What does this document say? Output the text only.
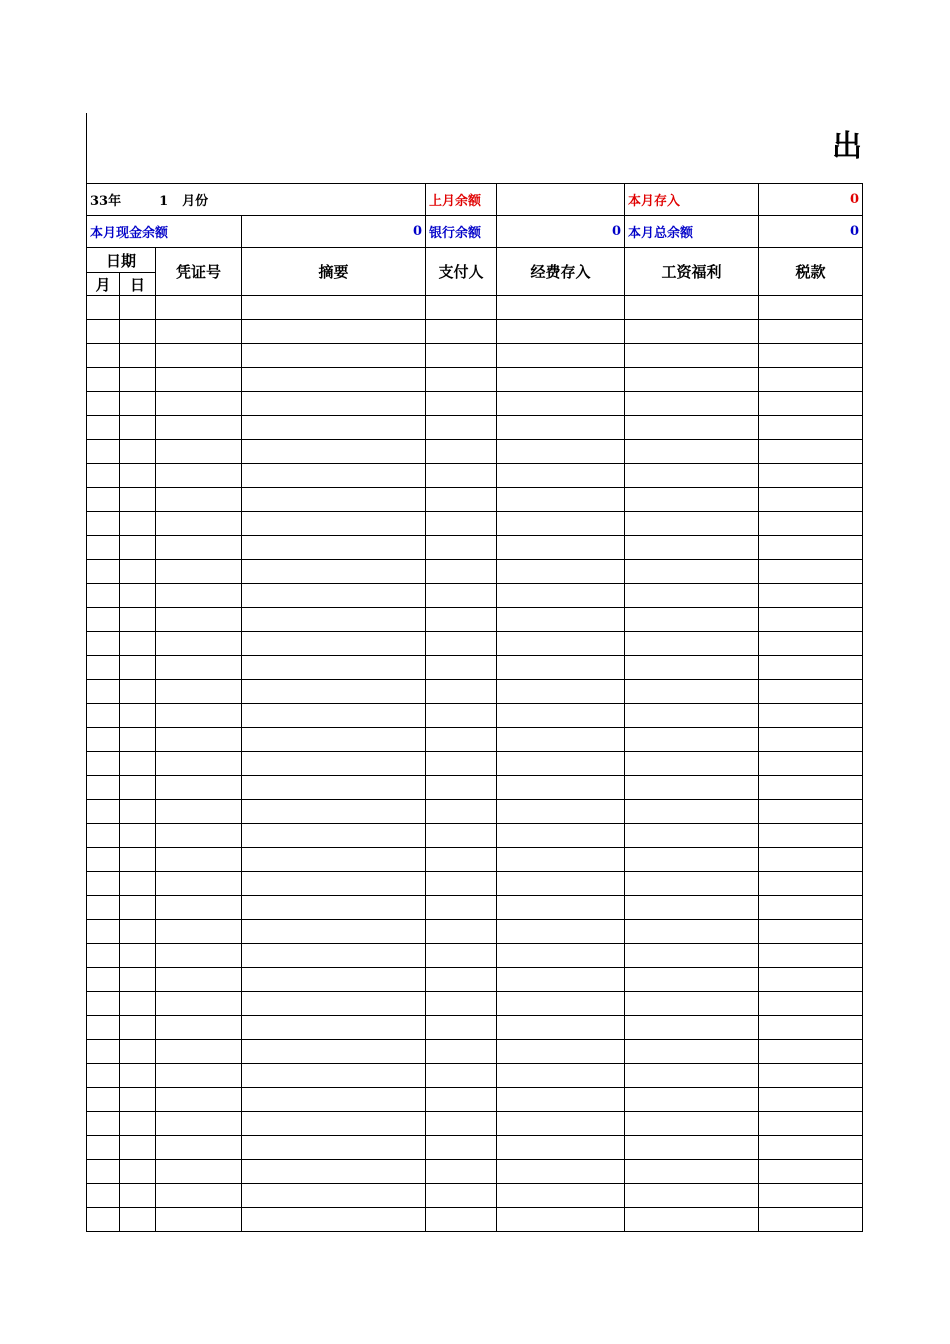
出
33年 1 月份				上月余额		本月存入	0
本月现金余额			0	银行余额	0	本月总余额	0
日期		凭证号	摘要	支付人	经费存入	工资福利	税款
月	日						
